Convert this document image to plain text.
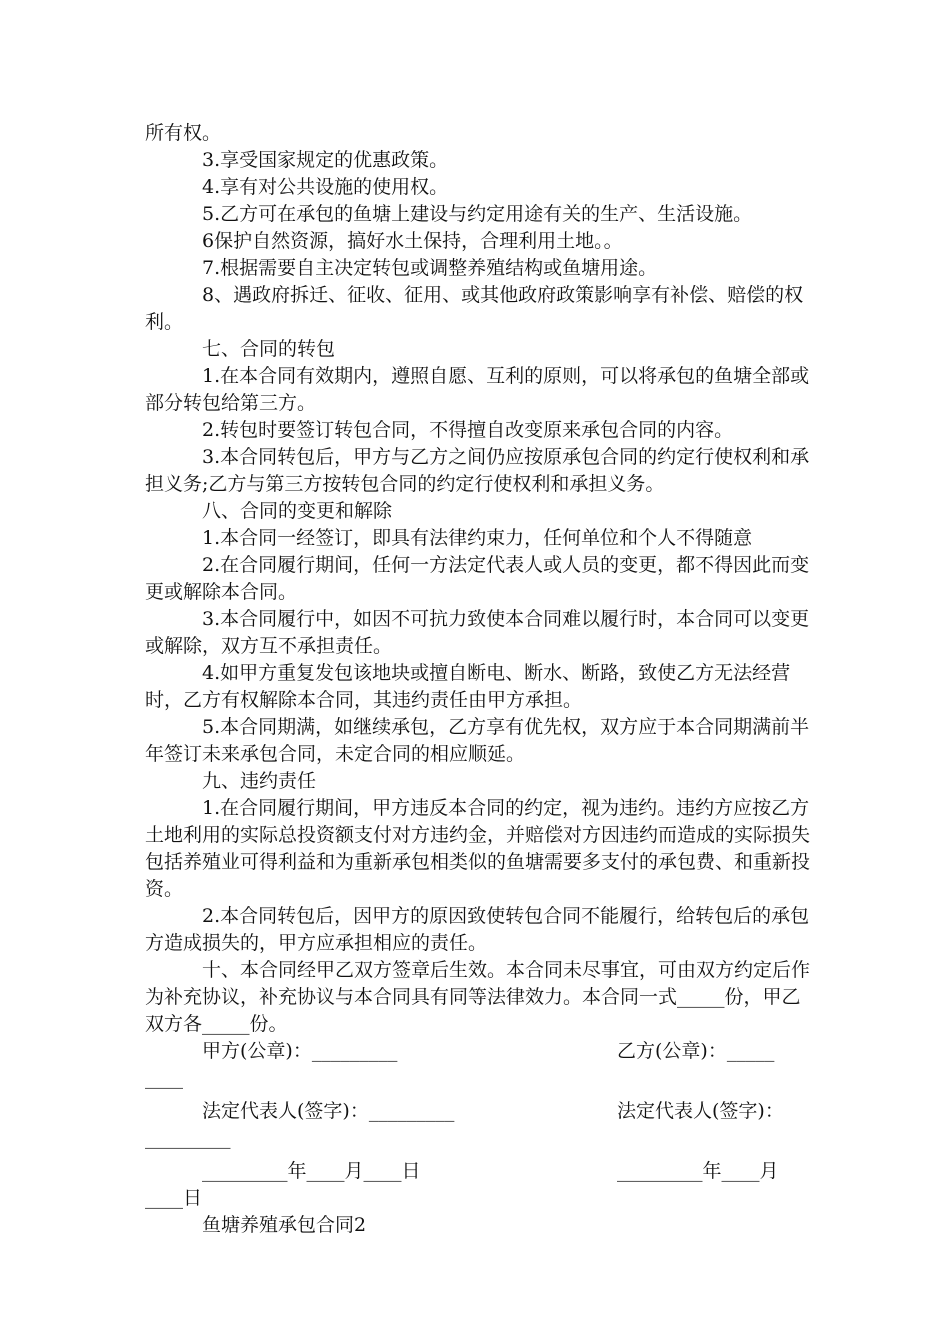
所有权。

3.享受国家规定的优惠政策。

4.享有对公共设施的使用权。

5.乙方可在承包的鱼塘上建设与约定用途有关的生产、生活设施。

6保护自然资源，搞好水土保持，合理利用土地。。

7.根据需要自主决定转包或调整养殖结构或鱼塘用途。

8、遇政府拆迁、征收、征用、或其他政府政策影响享有补偿、赔偿的权利。

七、合同的转包

1.在本合同有效期内，遵照自愿、互利的原则，可以将承包的鱼塘全部或部分转包给第三方。

2.转包时要签订转包合同，不得擅自改变原来承包合同的内容。

3.本合同转包后，甲方与乙方之间仍应按原承包合同的约定行使权利和承担义务;乙方与第三方按转包合同的约定行使权利和承担义务。

八、合同的变更和解除

1.本合同一经签订，即具有法律约束力，任何单位和个人不得随意

2.在合同履行期间，任何一方法定代表人或人员的变更，都不得因此而变更或解除本合同。

3.本合同履行中，如因不可抗力致使本合同难以履行时，本合同可以变更或解除，双方互不承担责任。

4.如甲方重复发包该地块或擅自断电、断水、断路，致使乙方无法经营时，乙方有权解除本合同，其违约责任由甲方承担。

5.本合同期满，如继续承包，乙方享有优先权，双方应于本合同期满前半年签订未来承包合同，未定合同的相应顺延。

九、违约责任

1.在合同履行期间，甲方违反本合同的约定，视为违约。违约方应按乙方土地利用的实际总投资额支付对方违约金，并赔偿对方因违约而造成的实际损失包括养殖业可得利益和为重新承包相类似的鱼塘需要多支付的承包费、和重新投资。

2.本合同转包后，因甲方的原因致使转包合同不能履行，给转包后的承包方造成损失的，甲方应承担相应的责任。

十、本合同经甲乙双方签章后生效。本合同未尽事宜，可由双方约定后作为补充协议，补充协议与本合同具有同等法律效力。本合同一式_____份，甲乙双方各_____份。

甲方(公章)：_________

	乙方(公章)：_____

____

法定代表人(签字)：_________

	法定代表人(签字)：

_________

_________年____月____日

	_________年____月

____日

鱼塘养殖承包合同2
